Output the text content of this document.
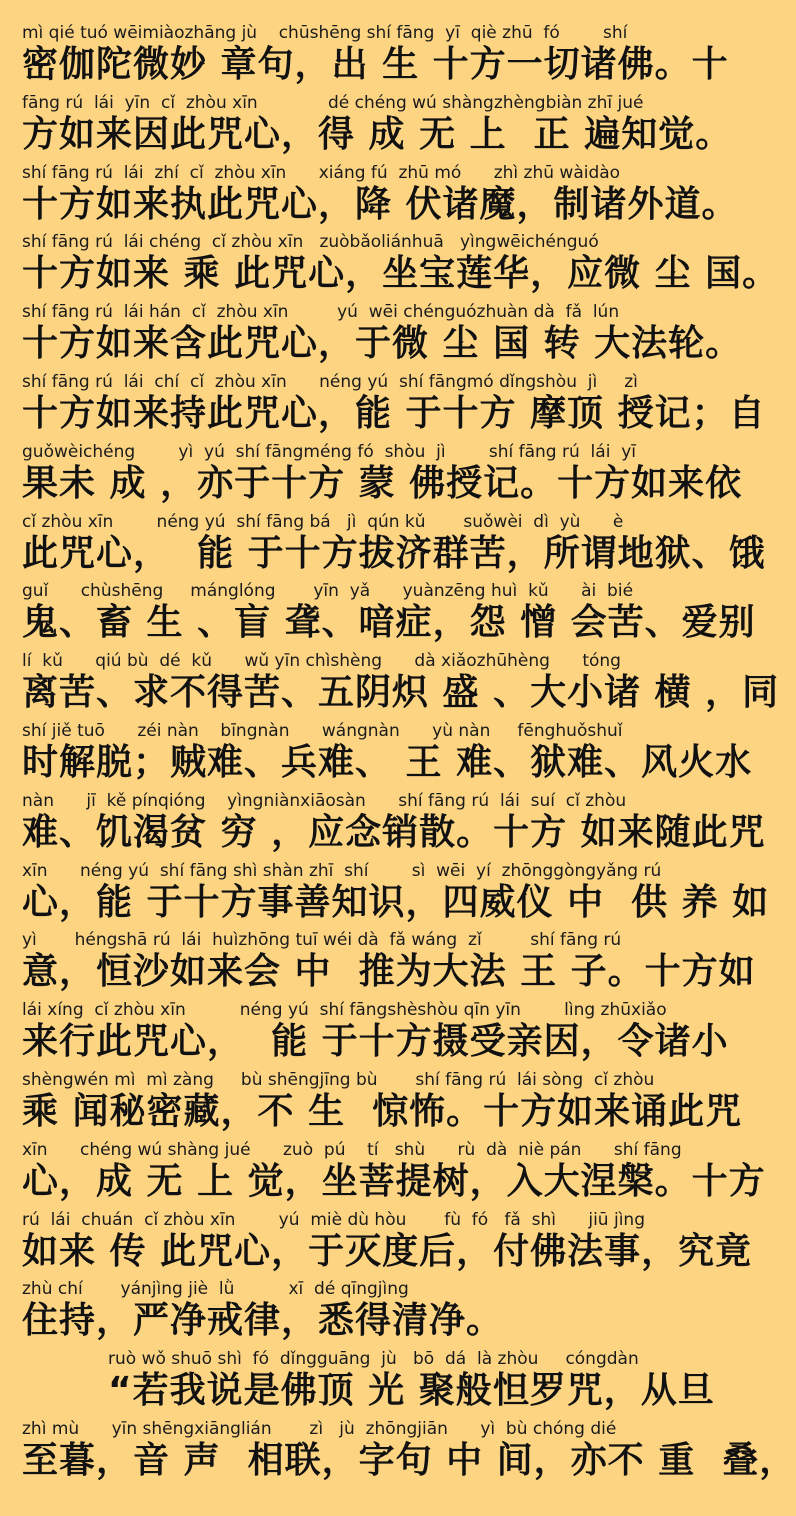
mì qié tuó wēimiàozhāng jù    chūshēng shí fāng  yī  qiè zhū  fó        shí
密伽陀微妙 章句，出 生 十方一切诸佛。十
fāng rú  lái  yīn  cǐ  zhòu xīn             dé chéng wú shàngzhèngbiàn zhī jué
方如来因此咒心，得 成 无 上  正 遍知觉。
shí fāng rú  lái  zhí  cǐ  zhòu xīn      xiáng fú  zhū mó      zhì zhū wàidào
十方如来执此咒心，降 伏诸魔，制诸外道。
shí fāng rú  lái chéng  cǐ zhòu xīn   zuòbǎoliánhuā   yìngwēichénguó
十方如来 乘 此咒心，坐宝莲华，应微 尘 国。
shí fāng rú  lái hán  cǐ  zhòu xīn         yú  wēi chénguózhuàn dà  fǎ  lún
十方如来含此咒心，于微 尘 国 转 大法轮。
shí fāng rú  lái  chí  cǐ  zhòu xīn      néng yú  shí fāngmó dǐngshòu  jì     zì
十方如来持此咒心，能 于十方 摩顶 授记；自
guǒwèichéng        yì  yú  shí fāngméng fó  shòu  jì        shí fāng rú  lái  yī
果未 成 ，亦于十方 蒙 佛授记。十方如来依
cǐ zhòu xīn        néng yú  shí fāng bá   jì  qún kǔ       suǒwèi  dì  yù      è
此咒心，  能 于十方拔济群苦，所谓地狱、饿
guǐ      chùshēng     mánglóng       yīn  yǎ      yuànzēng huì  kǔ      ài  bié
鬼、畜 生 、盲 聋、喑症，怨 憎 会苦、爱别
lí  kǔ      qiú bù  dé  kǔ      wǔ yīn chìshèng      dà xiǎozhūhèng      tóng
离苦、求不得苦、五阴炽 盛 、大小诸 横 ，同
shí jiě tuō      zéi nàn    bīngnàn      wángnàn      yù nàn     fēnghuǒshuǐ
时解脱；贼难、兵难、 王 难、狱难、风火水
nàn      jī  kě pínqióng    yìngniànxiāosàn      shí fāng rú  lái  suí  cǐ zhòu
难、饥渴贫 穷 ，应念销散。十方 如来随此咒
xīn      néng yú  shí fāng shì shàn zhī  shí        sì  wēi  yí  zhōnggòngyǎng rú
心，能 于十方事善知识，四威仪 中  供 养 如
yì       héngshā rú  lái  huìzhōng tuī wéi dà  fǎ wáng  zǐ         shí fāng rú
意，恒沙如来会 中  推为大法 王 子。十方如
lái xíng  cǐ zhòu xīn          néng yú  shí fāngshèshòu qīn yīn        lìng zhūxiǎo
来行此咒心，  能 于十方摄受亲因，令诸小
shèngwén mì  mì zàng     bù shēngjīng bù       shí fāng rú  lái sòng  cǐ zhòu
乘 闻秘密藏，不 生  惊怖。十方如来诵此咒
xīn      chéng wú shàng jué      zuò  pú    tí   shù      rù  dà  niè pán      shí fāng
心，成 无 上 觉，坐菩提树，入大涅槃。十方
rú  lái  chuán  cǐ zhòu xīn        yú  miè dù hòu       fù  fó   fǎ  shì      jiū jìng
如来 传 此咒心，于灭度后，付佛法事，究竟
zhù chí       yánjìng jiè  lǜ          xī  dé qīngjìng
住持，严净戒律，悉得清净。
ruò wǒ shuō shì  fó  dǐngguāng  jù   bō  dá  là zhòu     cóngdàn
“若我说是佛顶 光 聚般怛罗咒，从旦
zhì mù      yīn shēngxiānglián       zì   jù  zhōngjiān      yì  bù chóng dié
至暮，音 声  相联，字句 中 间，亦不 重  叠，
